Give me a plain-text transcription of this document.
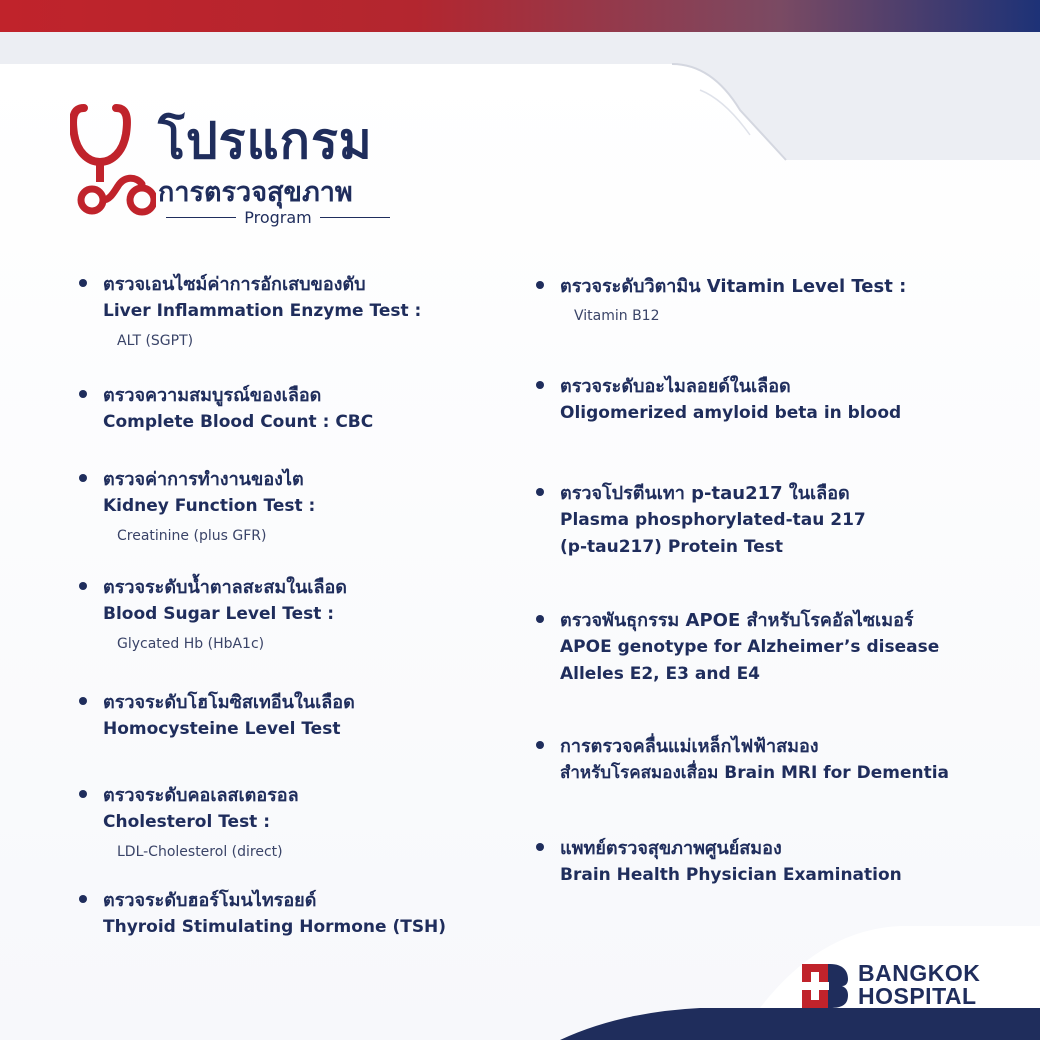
โปรแกรม
การตรวจสุขภาพ
Program
ตรวจเอนไซม์ค่าการอักเสบของตับ
Liver Inflammation Enzyme Test :
ALT (SGPT)
ตรวจความสมบูรณ์ของเลือด
Complete Blood Count : CBC
ตรวจค่าการทำงานของไต
Kidney Function Test :
Creatinine (plus GFR)
ตรวจระดับน้ำตาลสะสมในเลือด
Blood Sugar Level Test :
Glycated Hb (HbA1c)
ตรวจระดับโฮโมซิสเทอีนในเลือด
Homocysteine Level Test
ตรวจระดับคอเลสเตอรอล
Cholesterol Test :
LDL-Cholesterol (direct)
ตรวจระดับฮอร์โมนไทรอยด์
Thyroid Stimulating Hormone (TSH)
ตรวจระดับวิตามิน Vitamin Level Test :
Vitamin B12
ตรวจระดับอะไมลอยด์ในเลือด
Oligomerized amyloid beta in blood
ตรวจโปรตีนเทา p-tau217 ในเลือด
Plasma phosphorylated-tau 217
(p-tau217) Protein Test
ตรวจพันธุกรรม APOE สำหรับโรคอัลไซเมอร์
APOE genotype for Alzheimer’s disease
Alleles E2, E3 and E4
การตรวจคลื่นแม่เหล็กไฟฟ้าสมอง
สำหรับโรคสมองเสื่อม Brain MRI for Dementia
แพทย์ตรวจสุขภาพศูนย์สมอง
Brain Health Physician Examination
BANGKOK
HOSPITAL
